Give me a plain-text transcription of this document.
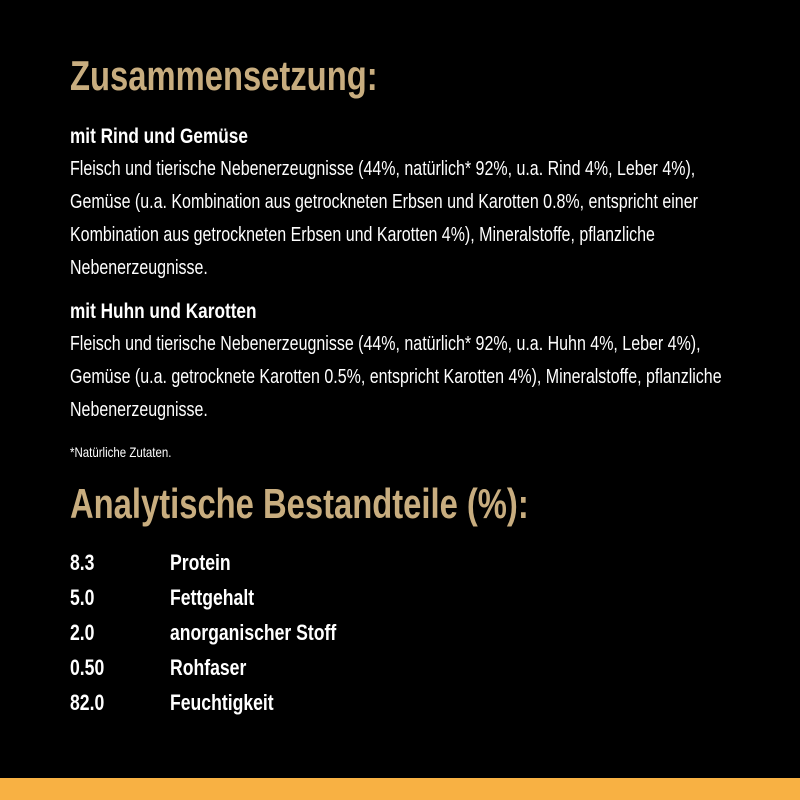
Zusammensetzung:
mit Rind und Gemüse
Fleisch und tierische Nebenerzeugnisse (44%, natürlich* 92%, u.a. Rind 4%, Leber 4%), Gemüse (u.a. Kombination aus getrockneten Erbsen und Karotten 0.8%, entspricht einer Kombination aus getrockneten Erbsen und Karotten 4%), Mineralstoffe, pflanzliche Nebenerzeugnisse.
mit Huhn und Karotten
Fleisch und tierische Nebenerzeugnisse (44%, natürlich* 92%, u.a. Huhn 4%, Leber 4%), Gemüse (u.a. getrocknete Karotten 0.5%, entspricht Karotten 4%), Mineralstoffe, pflanzliche Nebenerzeugnisse.
*Natürliche Zutaten.
Analytische Bestandteile (%):
8.3	Protein
5.0	Fettgehalt
2.0	anorganischer Stoff
0.50	Rohfaser
82.0	Feuchtigkeit
